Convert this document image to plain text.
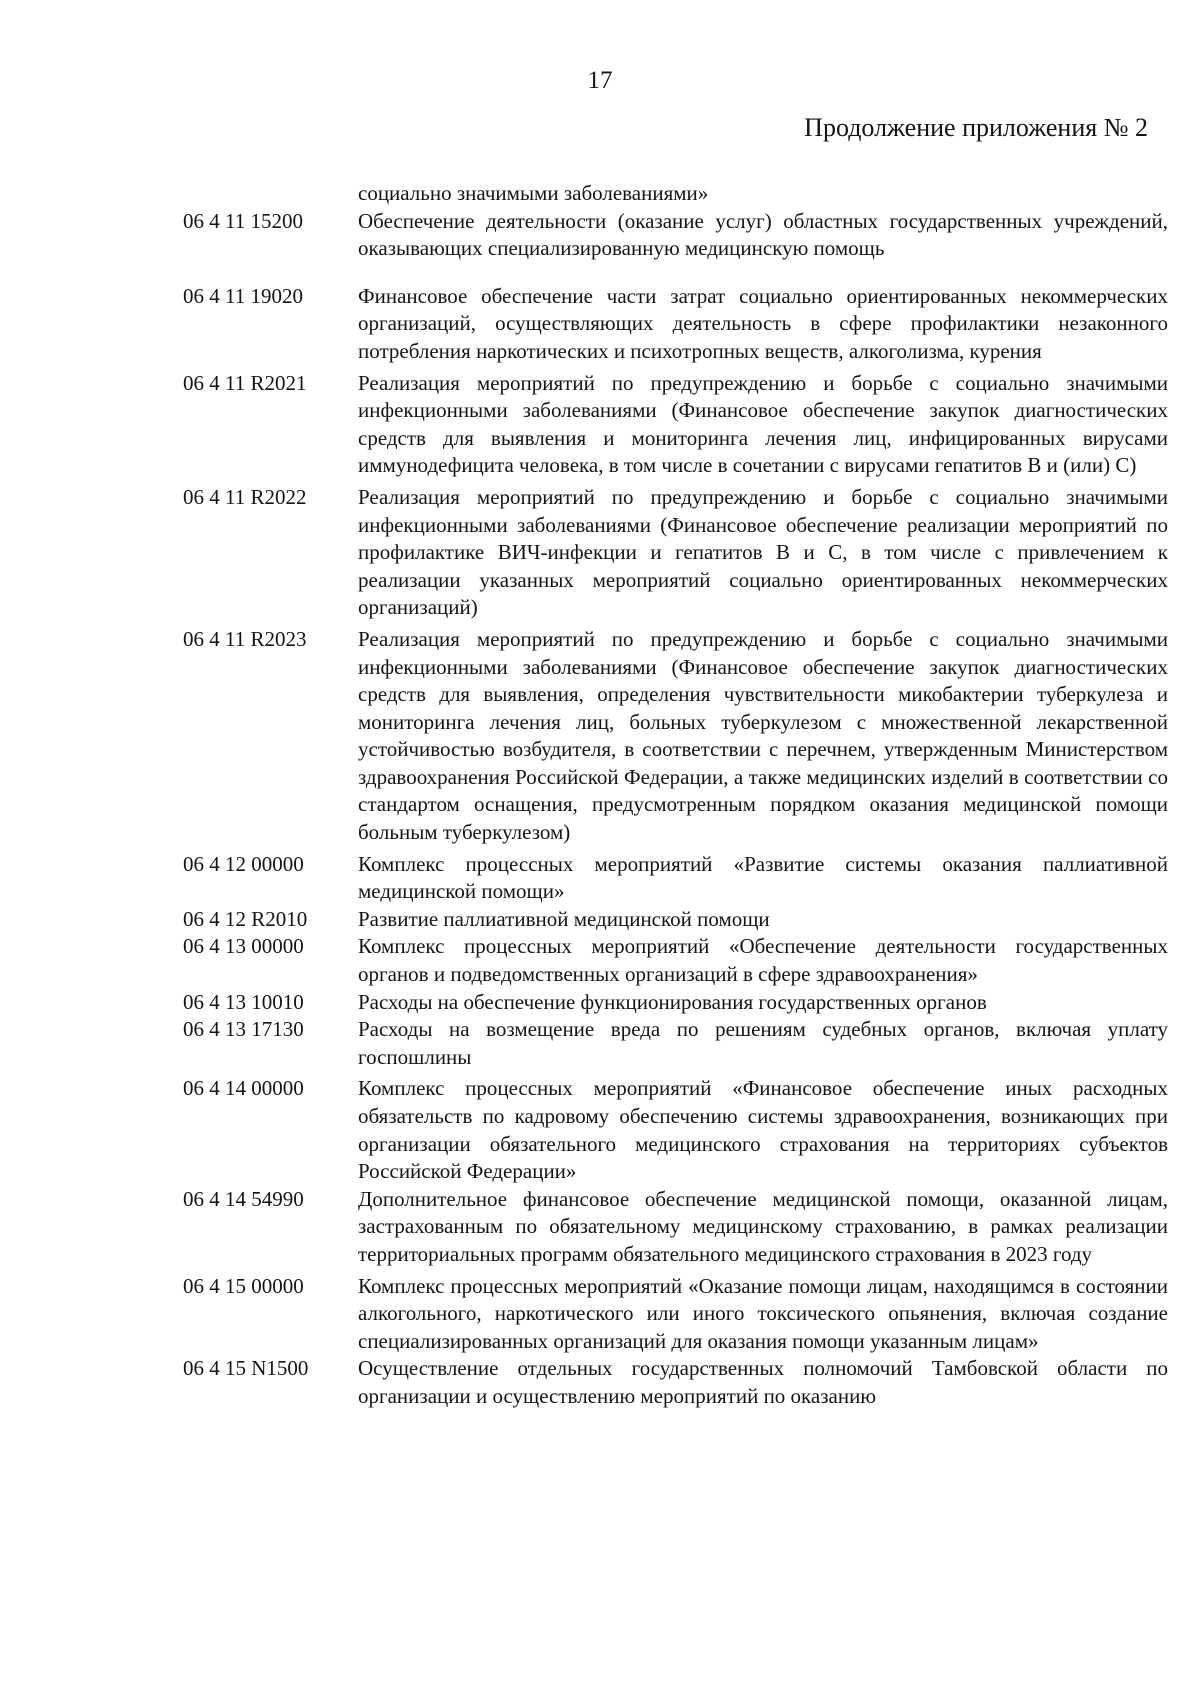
17
Продолжение приложения № 2
социально значимыми заболеваниями»
06 4 11 15200	Обеспечение деятельности (оказание услуг) областных государственных учреждений, оказывающих специализированную медицинскую помощь
06 4 11 19020	Финансовое обеспечение части затрат социально ориентированных некоммерческих организаций, осуществляющих деятельность в сфере профилактики незаконного потребления наркотических и психотропных веществ, алкоголизма, курения
06 4 11 R2021	Реализация мероприятий по предупреждению и борьбе с социально значимыми инфекционными заболеваниями (Финансовое обеспечение закупок диагностических средств для выявления и мониторинга лечения лиц, инфицированных вирусами иммунодефицита человека, в том числе в сочетании с вирусами гепатитов В и (или) С)
06 4 11 R2022	Реализация мероприятий по предупреждению и борьбе с социально значимыми инфекционными заболеваниями (Финансовое обеспечение реализации мероприятий по профилактике ВИЧ-инфекции и гепатитов В и С, в том числе с привлечением к реализации указанных мероприятий социально ориентированных некоммерческих организаций)
06 4 11 R2023	Реализация мероприятий по предупреждению и борьбе с социально значимыми инфекционными заболеваниями (Финансовое обеспечение закупок диагностических средств для выявления, определения чувствительности микобактерии туберкулеза и мониторинга лечения лиц, больных туберкулезом с множественной лекарственной устойчивостью возбудителя, в соответствии с перечнем, утвержденным Министерством здравоохранения Российской Федерации, а также медицинских изделий в соответствии со стандартом оснащения, предусмотренным порядком оказания медицинской помощи больным туберкулезом)
06 4 12 00000	Комплекс процессных мероприятий «Развитие системы оказания паллиативной медицинской помощи»
06 4 12 R2010	Развитие паллиативной медицинской помощи
06 4 13 00000	Комплекс процессных мероприятий «Обеспечение деятельности государственных органов и подведомственных организаций в сфере здравоохранения»
06 4 13 10010	Расходы на обеспечение функционирования государственных органов
06 4 13 17130	Расходы на возмещение вреда по решениям судебных органов, включая уплату госпошлины
06 4 14 00000	Комплекс процессных мероприятий «Финансовое обеспечение иных расходных обязательств по кадровому обеспечению системы здравоохранения, возникающих при организации обязательного медицинского страхования на территориях субъектов Российской Федерации»
06 4 14 54990	Дополнительное финансовое обеспечение медицинской помощи, оказанной лицам, застрахованным по обязательному медицинскому страхованию, в рамках реализации территориальных программ обязательного медицинского страхования в 2023 году
06 4 15 00000	Комплекс процессных мероприятий «Оказание помощи лицам, находящимся в состоянии алкогольного, наркотического или иного токсического опьянения, включая создание специализированных организаций для оказания помощи указанным лицам»
06 4 15 N1500	Осуществление отдельных государственных полномочий Тамбовской области по организации и осуществлению мероприятий по оказанию
